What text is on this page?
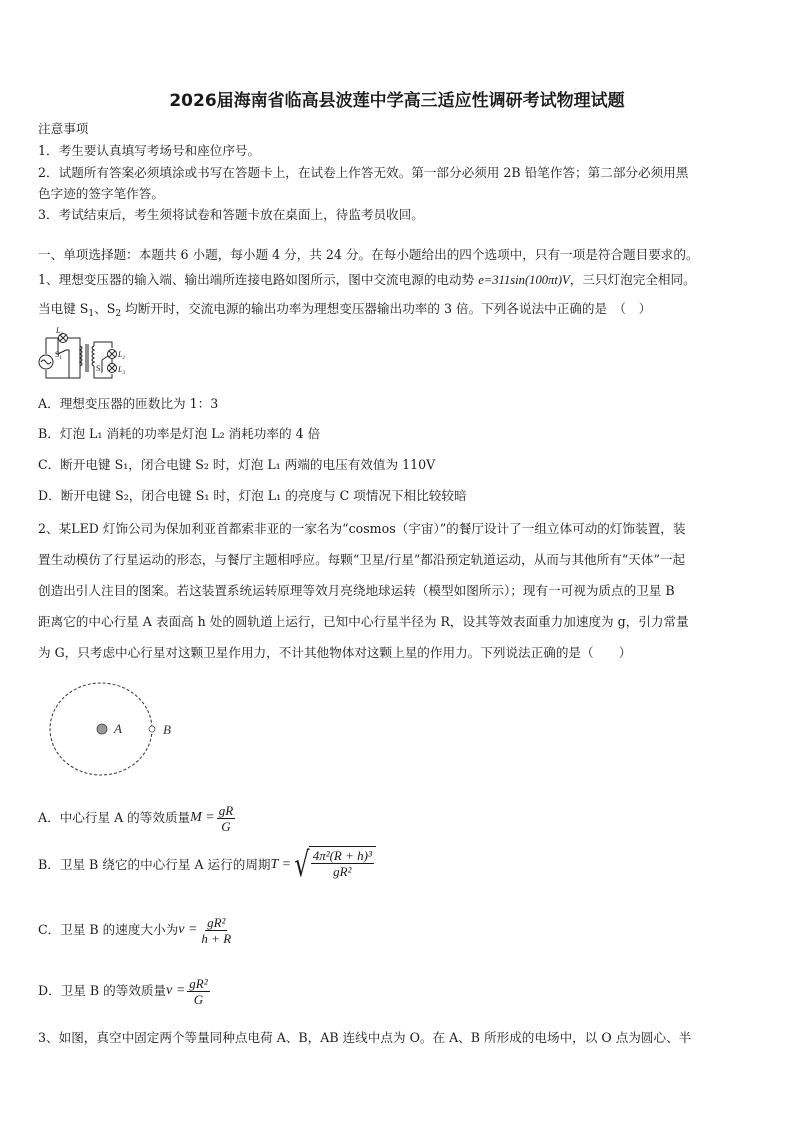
2026届海南省临高县波莲中学高三适应性调研考试物理试题
注意事项
1．考生要认真填写考场号和座位序号。
2．试题所有答案必须填涂或书写在答题卡上，在试卷上作答无效。第一部分必须用 2B 铅笔作答；第二部分必须用黑
色字迹的签字笔作答。
3．考试结束后，考生须将试卷和答题卡放在桌面上，待监考员收回。
一、单项选择题：本题共 6 小题，每小题 4 分，共 24 分。在每小题给出的四个选项中，只有一项是符合题目要求的。
1、理想变压器的输入端、输出端所连接电路如图所示，图中交流电源的电动势 e=311sin(100πt)V，三只灯泡完全相同。
当电键 $S_1$、$S_2$ 均断开时，交流电源的输出功率为理想变压器输出功率的 3 倍。下列各说法中正确的是　（　）
$L_1$
$S_1$	$L_2$
$S_2$ $L_3$
A．理想变压器的匝数比为 1：3
B．灯泡 L₁ 消耗的功率是灯泡 L₂ 消耗功率的 4 倍
C．断开电键 S₁，闭合电键 S₂ 时，灯泡 L₁ 两端的电压有效值为 110V
D．断开电键 S₂，闭合电键 S₁ 时，灯泡 L₁ 的亮度与 C 项情况下相比较较暗
2、某LED 灯饰公司为保加利亚首都索非亚的一家名为“cosmos（宇宙）”的餐厅设计了一组立体可动的灯饰装置，装
置生动模仿了行星运动的形态，与餐厅主题相呼应。每颗“卫星/行星”都沿预定轨道运动，从而与其他所有“天体”一起
创造出引人注目的图案。若这装置系统运转原理等效月亮绕地球运转（模型如图所示）；现有一可视为质点的卫星 B
距离它的中心行星 A 表面高 h 处的圆轨道上运行，已知中心行星半径为 R，设其等效表面重力加速度为 g，引力常量
为 G，只考虑中心行星对这颗卫星作用力，不计其他物体对这颗上星的作用力。下列说法正确的是（　　）
A	B
A．中心行星 A 的等效质量 $M = \frac{gR}{G}$
B．卫星 B 绕它的中心行星 A 运行的周期 T = √ $\frac{\text{4π²(R + h)³}}{\text{gR²}}$
C．卫星 B 的速度大小为 $v = \frac{\text{gR²}}{h + R}$
D．卫星 B 的等效质量 $v = \frac{\text{gR²}}{G}$
3、如图，真空中固定两个等量同种点电荷 A、B，AB 连线中点为 O。在 A、B 所形成的电场中，以 O 点为圆心、半
